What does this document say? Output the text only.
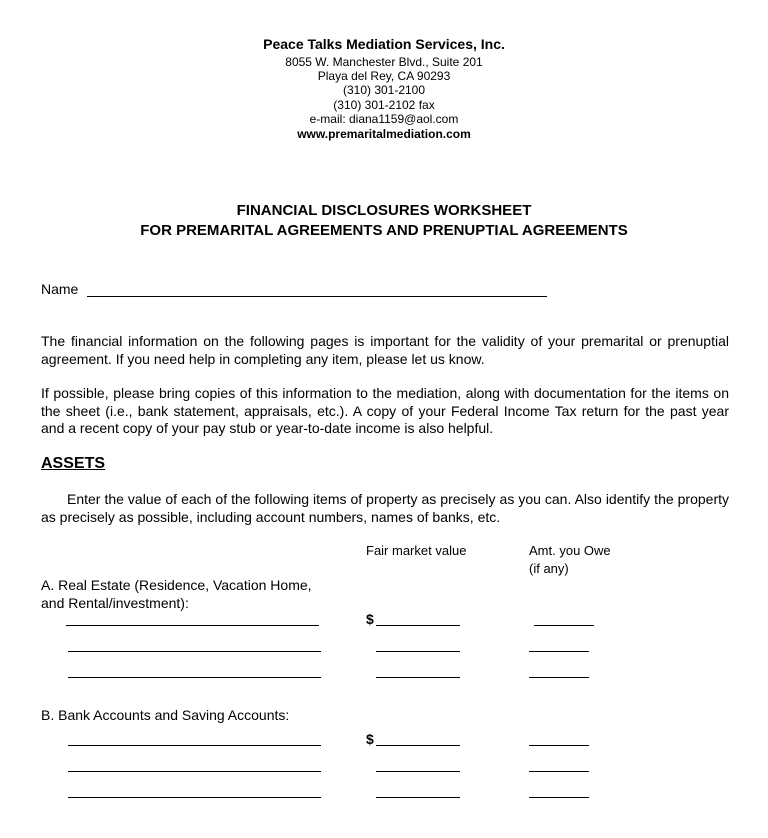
Peace Talks Mediation Services, Inc.
8055 W. Manchester Blvd., Suite 201
Playa del Rey, CA 90293
(310) 301-2100
(310) 301-2102 fax
e-mail: diana1159@aol.com
www.premaritalmediation.com
FINANCIAL DISCLOSURES WORKSHEET
FOR PREMARITAL AGREEMENTS AND PRENUPTIAL AGREEMENTS
Name
The financial information on the following pages is important for the validity of your premarital or prenuptial agreement. If you need help in completing any item, please let us know.
If possible, please bring copies of this information to the mediation, along with documentation for the items on the sheet (i.e., bank statement, appraisals, etc.). A copy of your Federal Income Tax return for the past year and a recent copy of your pay stub or year-to-date income is also helpful.
ASSETS
Enter the value of each of the following items of property as precisely as you can. Also identify the property as precisely as possible, including account numbers, names of banks, etc.
Fair market value	Amt. you Owe
(if any)
A. Real Estate (Residence, Vacation Home,
and Rental/investment):
$
B. Bank Accounts and Saving Accounts:
$
